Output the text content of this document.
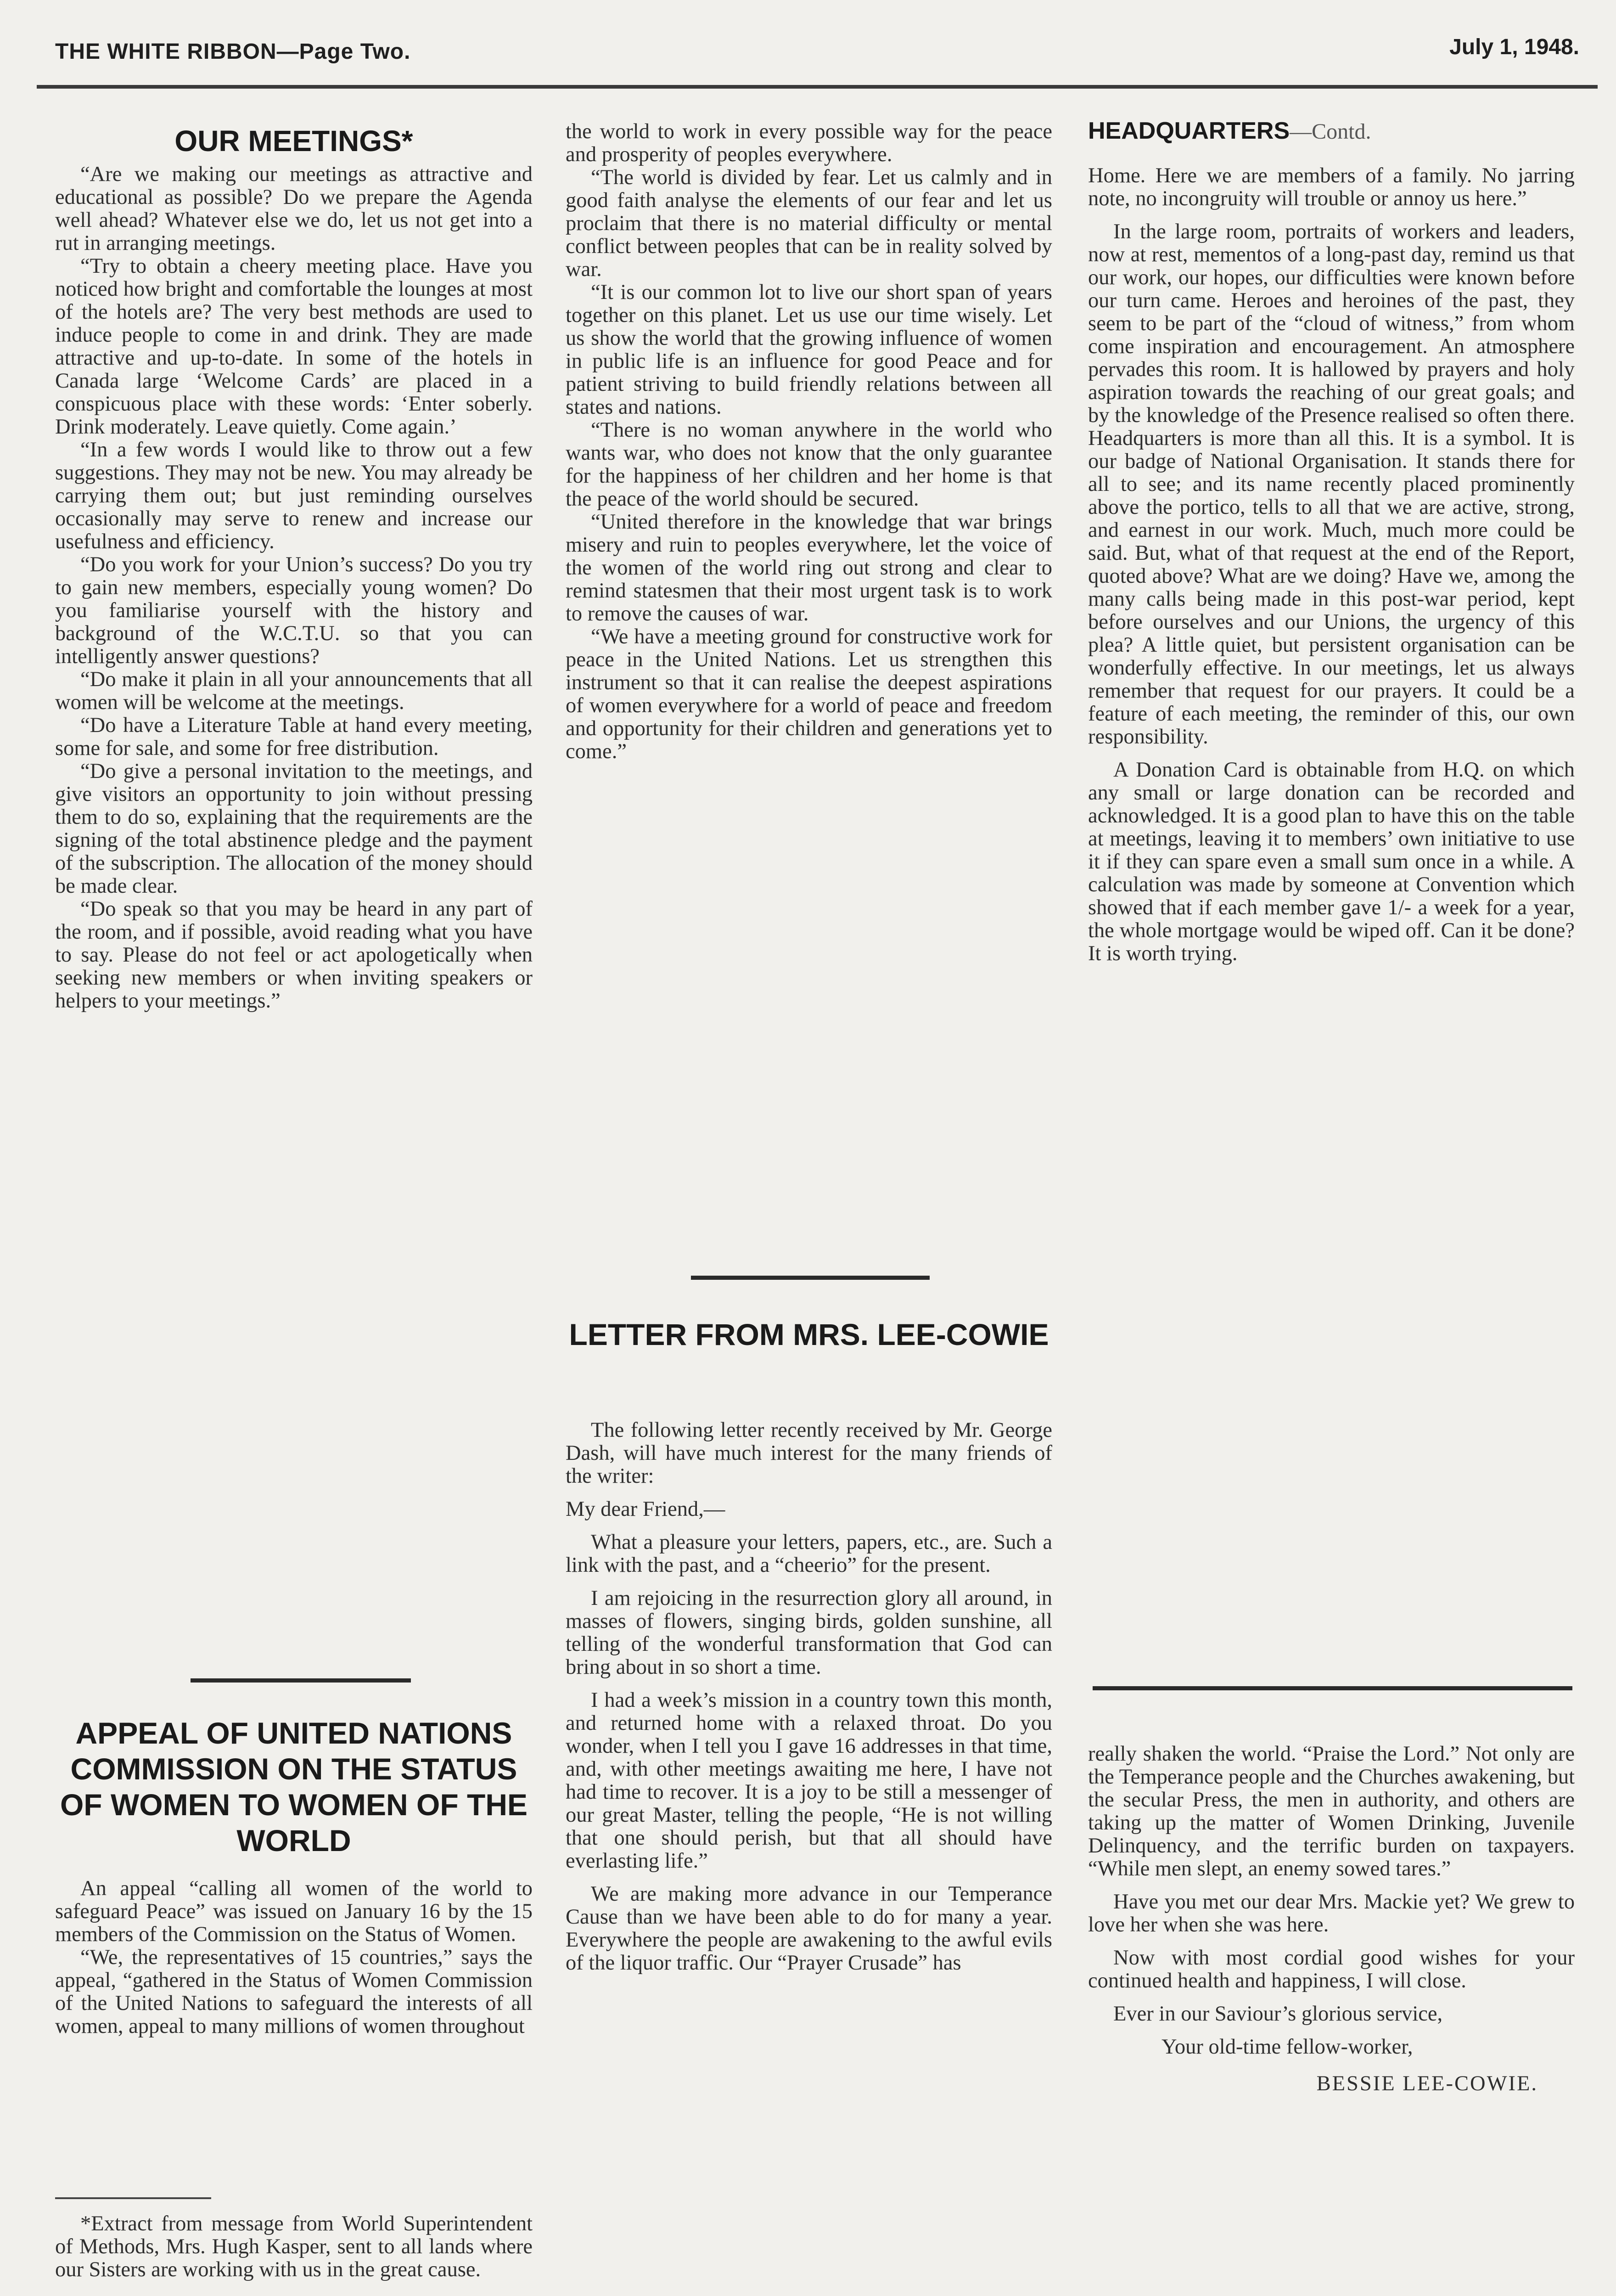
THE WHITE RIBBON—Page Two.	July 1, 1948.
OUR MEETINGS*

“Are we making our meetings as attractive and educational as possible? Do we prepare the Agenda well ahead? Whatever else we do, let us not get into a rut in arranging meetings.

“Try to obtain a cheery meeting place. Have you noticed how bright and comfortable the lounges at most of the hotels are? The very best methods are used to induce people to come in and drink. They are made attractive and up-to-date. In some of the hotels in Canada large ‘Welcome Cards’ are placed in a conspicuous place with these words: ‘Enter soberly. Drink moderately. Leave quietly. Come again.’

“In a few words I would like to throw out a few suggestions. They may not be new. You may already be carrying them out; but just reminding ourselves occasionally may serve to renew and increase our usefulness and efficiency.

“Do you work for your Union’s success? Do you try to gain new members, especially young women? Do you familiarise yourself with the history and background of the W.C.T.U. so that you can intelligently answer questions?

“Do make it plain in all your announcements that all women will be welcome at the meetings.

“Do have a Literature Table at hand every meeting, some for sale, and some for free distribution.

“Do give a personal invitation to the meetings, and give visitors an opportunity to join without pressing them to do so, explaining that the requirements are the signing of the total abstinence pledge and the payment of the subscription. The allocation of the money should be made clear.

“Do speak so that you may be heard in any part of the room, and if possible, avoid reading what you have to say. Please do not feel or act apologetically when seeking new members or when inviting speakers or helpers to your meetings.”

APPEAL OF UNITED NATIONS COMMISSION ON THE STATUS OF WOMEN TO WOMEN OF THE WORLD

An appeal “calling all women of the world to safeguard Peace” was issued on January 16 by the 15 members of the Commission on the Status of Women.

“We, the representatives of 15 countries,” says the appeal, “gathered in the Status of Women Commission of the United Nations to safeguard the interests of all women, appeal to many millions of women throughout

*Extract from message from World Superintendent of Methods, Mrs. Hugh Kasper, sent to all lands where our Sisters are working with us in the great cause.

the world to work in every possible way for the peace and prosperity of peoples everywhere.

“The world is divided by fear. Let us calmly and in good faith analyse the elements of our fear and let us proclaim that there is no material difficulty or mental conflict between peoples that can be in reality solved by war.

“It is our common lot to live our short span of years together on this planet. Let us use our time wisely. Let us show the world that the growing influence of women in public life is an influence for good Peace and for patient striving to build friendly relations between all states and nations.

“There is no woman anywhere in the world who wants war, who does not know that the only guarantee for the happiness of her children and her home is that the peace of the world should be secured.

“United therefore in the knowledge that war brings misery and ruin to peoples everywhere, let the voice of the women of the world ring out strong and clear to remind statesmen that their most urgent task is to work to remove the causes of war.

“We have a meeting ground for constructive work for peace in the United Nations. Let us strengthen this instrument so that it can realise the deepest aspirations of women everywhere for a world of peace and freedom and opportunity for their children and generations yet to come.”

LETTER FROM MRS. LEE-COWIE

The following letter recently received by Mr. George Dash, will have much interest for the many friends of the writer:

My dear Friend,—

What a pleasure your letters, papers, etc., are. Such a link with the past, and a “cheerio” for the present.

I am rejoicing in the resurrection glory all around, in masses of flowers, singing birds, golden sunshine, all telling of the wonderful transformation that God can bring about in so short a time.

I had a week’s mission in a country town this month, and returned home with a relaxed throat. Do you wonder, when I tell you I gave 16 addresses in that time, and, with other meetings awaiting me here, I have not had time to recover. It is a joy to be still a messenger of our great Master, telling the people, “He is not willing that one should perish, but that all should have everlasting life.”

We are making more advance in our Temperance Cause than we have been able to do for many a year. Everywhere the people are awakening to the awful evils of the liquor traffic. Our “Prayer Crusade” has

HEADQUARTERS—Contd.

Home. Here we are members of a family. No jarring note, no incongruity will trouble or annoy us here.”

In the large room, portraits of workers and leaders, now at rest, mementos of a long-past day, remind us that our work, our hopes, our difficulties were known before our turn came. Heroes and heroines of the past, they seem to be part of the “cloud of witness,” from whom come inspiration and encouragement. An atmosphere pervades this room. It is hallowed by prayers and holy aspiration towards the reaching of our great goals; and by the knowledge of the Presence realised so often there. Headquarters is more than all this. It is a symbol. It is our badge of National Organisation. It stands there for all to see; and its name recently placed prominently above the portico, tells to all that we are active, strong, and earnest in our work. Much, much more could be said. But, what of that request at the end of the Report, quoted above? What are we doing? Have we, among the many calls being made in this post-war period, kept before ourselves and our Unions, the urgency of this plea? A little quiet, but persistent organisation can be wonderfully effective. In our meetings, let us always remember that request for our prayers. It could be a feature of each meeting, the reminder of this, our own responsibility.

A Donation Card is obtainable from H.Q. on which any small or large donation can be recorded and acknowledged. It is a good plan to have this on the table at meetings, leaving it to members’ own initiative to use it if they can spare even a small sum once in a while. A calculation was made by someone at Convention which showed that if each member gave 1/- a week for a year, the whole mortgage would be wiped off. Can it be done? It is worth trying.

really shaken the world. “Praise the Lord.” Not only are the Temperance people and the Churches awakening, but the secular Press, the men in authority, and others are taking up the matter of Women Drinking, Juvenile Delinquency, and the terrific burden on taxpayers. “While men slept, an enemy sowed tares.”

Have you met our dear Mrs. Mackie yet? We grew to love her when she was here.

Now with most cordial good wishes for your continued health and happiness, I will close.

Ever in our Saviour’s glorious service,

Your old-time fellow-worker,

BESSIE LEE-COWIE.
